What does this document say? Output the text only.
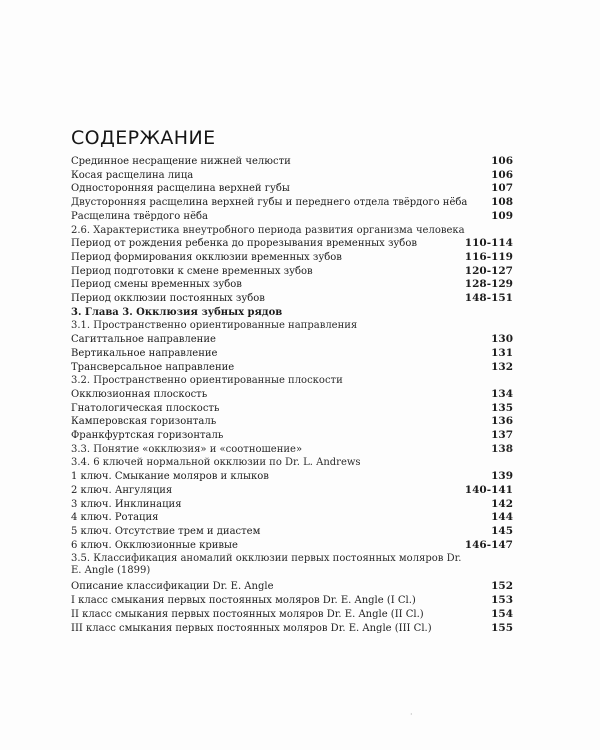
СОДЕРЖАНИЕ
Срединное несращение нижней челюсти	106
Косая расщелина лица	106
Односторонняя расщелина верхней губы	107
Двусторонняя расщелина верхней губы и переднего отдела твёрдого нёба 108
Расщелина твёрдого нёба	109
2.6. Характеристика внеутробного периода развития организма человека
Период от рождения ребенка до прорезывания временных зубов	110-114
Период формирования окклюзии временных зубов	116-119
Период подготовки к смене временных зубов	120-127
Период смены временных зубов	128-129
Период окклюзии постоянных зубов	148-151
3. Глава 3. Окклюзия зубных рядов
3.1. Пространственно ориентированные направления
Сагиттальное направление	130
Вертикальное направление	131
Трансверсальное направление	132
3.2. Пространственно ориентированные плоскости
Окклюзионная плоскость	134
Гнатологическая плоскость	135
Камперовская горизонталь	136
Франкфуртская горизонталь	137
3.3. Понятие «окклюзия» и «соотношение»	138
3.4. 6 ключей нормальной окклюзии по Dr. L. Andrews
1 ключ. Смыкание моляров и клыков	139
2 ключ. Ангуляция	140-141
3 ключ. Инклинация	142
4 ключ. Ротация	144
5 ключ. Отсутствие трем и диастем	145
6 ключ. Окклюзионные кривые	146-147
3.5. Классификация аномалий окклюзии первых постоянных моляров Dr. E. Angle (1899)
Описание классификации Dr. E. Angle	152
I класс смыкания первых постоянных моляров Dr. E. Angle (I Cl.)	153
II класс смыкания первых постоянных моляров Dr. E. Angle (II Cl.)	154
III класс смыкания первых постоянных моляров Dr. E. Angle (III Cl.)	155
·
